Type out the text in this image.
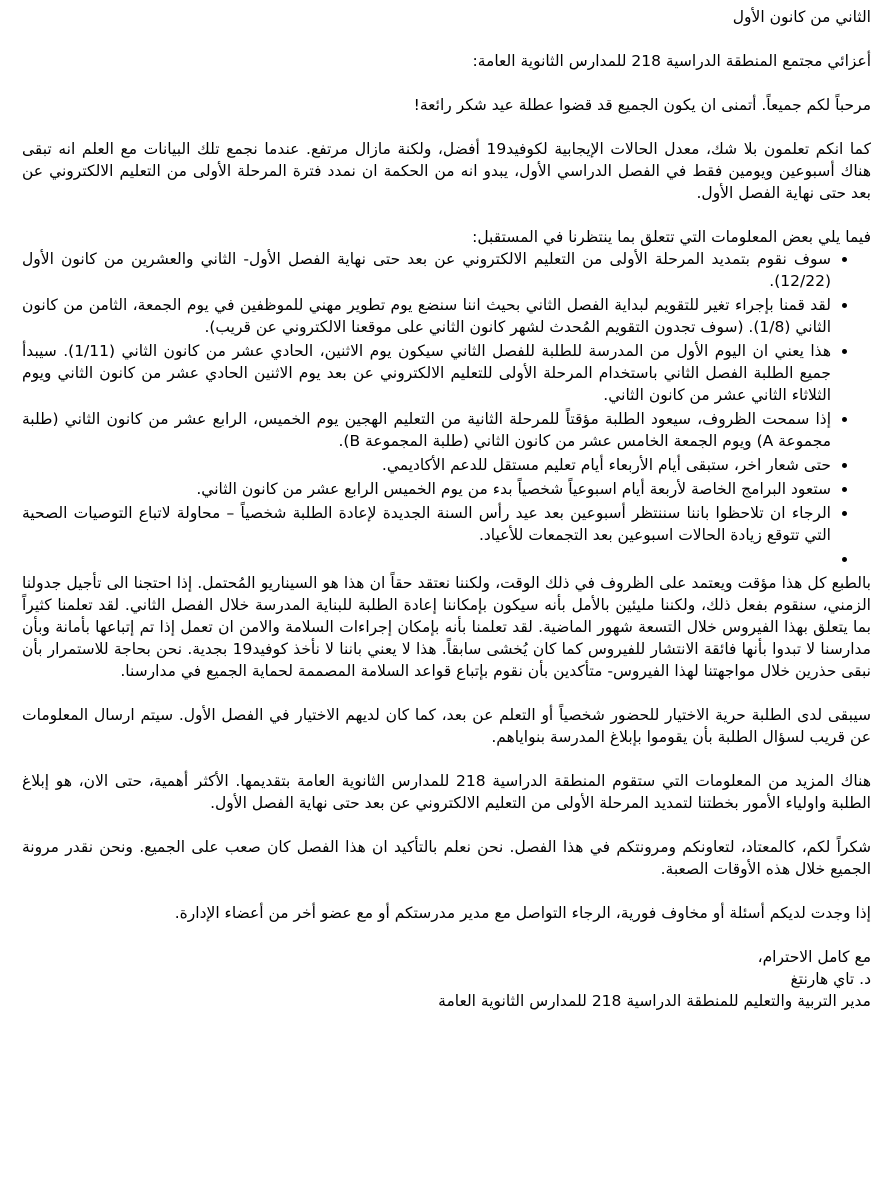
الثاني من كانون الأول

أعزائي مجتمع المنطقة الدراسية 218 للمدارس الثانوية العامة:

مرحباً لكم جميعاً. أتمنى ان يكون الجميع قد قضوا عطلة عيد شكر رائعة!

كما انكم تعلمون بلا شك، معدل الحالات الإيجابية لكوفيد19 أفضل، ولكنة مازال مرتفع. عندما نجمع تلك البيانات مع العلم انه تبقى هناك أسبوعين ويومين فقط في الفصل الدراسي الأول، يبدو انه من الحكمة ان نمدد فترة المرحلة الأولى من التعليم الالكتروني عن بعد حتى نهاية الفصل الأول.

فيما يلي بعض المعلومات التي تتعلق بما ينتظرنا في المستقبل:

• سوف نقوم بتمديد المرحلة الأولى من التعليم الالكتروني عن بعد حتى نهاية الفصل الأول- الثاني والعشرين من كانون الأول (12/22).
• لقد قمنا بإجراء تغير للتقويم لبداية الفصل الثاني بحيث اننا سنضع يوم تطوير مهني للموظفين في يوم الجمعة، الثامن من كانون الثاني (1/8). (سوف تجدون التقويم المُحدث لشهر كانون الثاني على موقعنا الالكتروني عن قريب).
• هذا يعني ان اليوم الأول من المدرسة للطلبة للفصل الثاني سيكون يوم الاثنين، الحادي عشر من كانون الثاني (1/11). سيبدأ جميع الطلبة الفصل الثاني باستخدام المرحلة الأولى للتعليم الالكتروني عن بعد يوم الاثنين الحادي عشر من كانون الثاني ويوم الثلاثاء الثاني عشر من كانون الثاني.
• إذا سمحت الظروف، سيعود الطلبة مؤقتاً للمرحلة الثانية من التعليم الهجين يوم الخميس، الرابع عشر من كانون الثاني (طلبة مجموعة A) ويوم الجمعة الخامس عشر من كانون الثاني (طلبة المجموعة B).
• حتى شعار اخر، ستبقى أيام الأربعاء أيام تعليم مستقل للدعم الأكاديمي.
• ستعود البرامج الخاصة لأربعة أيام اسبوعياً شخصياً بدء من يوم الخميس الرابع عشر من كانون الثاني.
• الرجاء ان تلاحظوا باننا سننتظر أسبوعين بعد عيد رأس السنة الجديدة لإعادة الطلبة شخصياً – محاولة لاتباع التوصيات الصحية التي تتوقع زيادة الحالات اسبوعين بعد التجمعات للأعياد.
•

بالطبع كل هذا مؤقت ويعتمد على الظروف في ذلك الوقت، ولكننا نعتقد حقاً ان هذا هو السيناريو المُحتمل. إذا احتجنا الى تأجيل جدولنا الزمني، سنقوم بفعل ذلك، ولكننا مليئين بالأمل بأنه سيكون بإمكاننا إعادة الطلبة للبناية المدرسة خلال الفصل الثاني. لقد تعلمنا كثيراً بما يتعلق بهذا الفيروس خلال التسعة شهور الماضية. لقد تعلمنا بأنه بإمكان إجراءات السلامة والامن ان تعمل إذا تم إتباعها بأمانة وبأن مدارسنا لا تبدوا بأنها فائقة الانتشار للفيروس كما كان يُخشى سابقاً. هذا لا يعني باننا لا نأخذ كوفيد19 بجدية. نحن بحاجة للاستمرار بأن نبقى حذرين خلال مواجهتنا لهذا الفيروس- متأكدين بأن نقوم بإتباع قواعد السلامة المصممة لحماية الجميع في مدارسنا.

سيبقى لدى الطلبة حرية الاختيار للحضور شخصياً أو التعلم عن بعد، كما كان لديهم الاختيار في الفصل الأول. سيتم ارسال المعلومات عن قريب لسؤال الطلبة بأن يقوموا بإبلاغ المدرسة بنواياهم.

هناك المزيد من المعلومات التي ستقوم المنطقة الدراسية 218 للمدارس الثانوية العامة بتقديمها. الأكثر أهمية، حتى الان، هو إبلاغ الطلبة واولياء الأمور بخطتنا لتمديد المرحلة الأولى من التعليم الالكتروني عن بعد حتى نهاية الفصل الأول.

شكراً لكم، كالمعتاد، لتعاونكم ومرونتكم في هذا الفصل. نحن نعلم بالتأكيد ان هذا الفصل كان صعب على الجميع. ونحن نقدر مرونة الجميع خلال هذه الأوقات الصعبة.

إذا وجدت لديكم أسئلة أو مخاوف فورية، الرجاء التواصل مع مدير مدرستكم أو مع عضو أخر من أعضاء الإدارة.

مع كامل الاحترام،

د. تاي هارنتغ

مدير التربية والتعليم للمنطقة الدراسية 218 للمدارس الثانوية العامة
